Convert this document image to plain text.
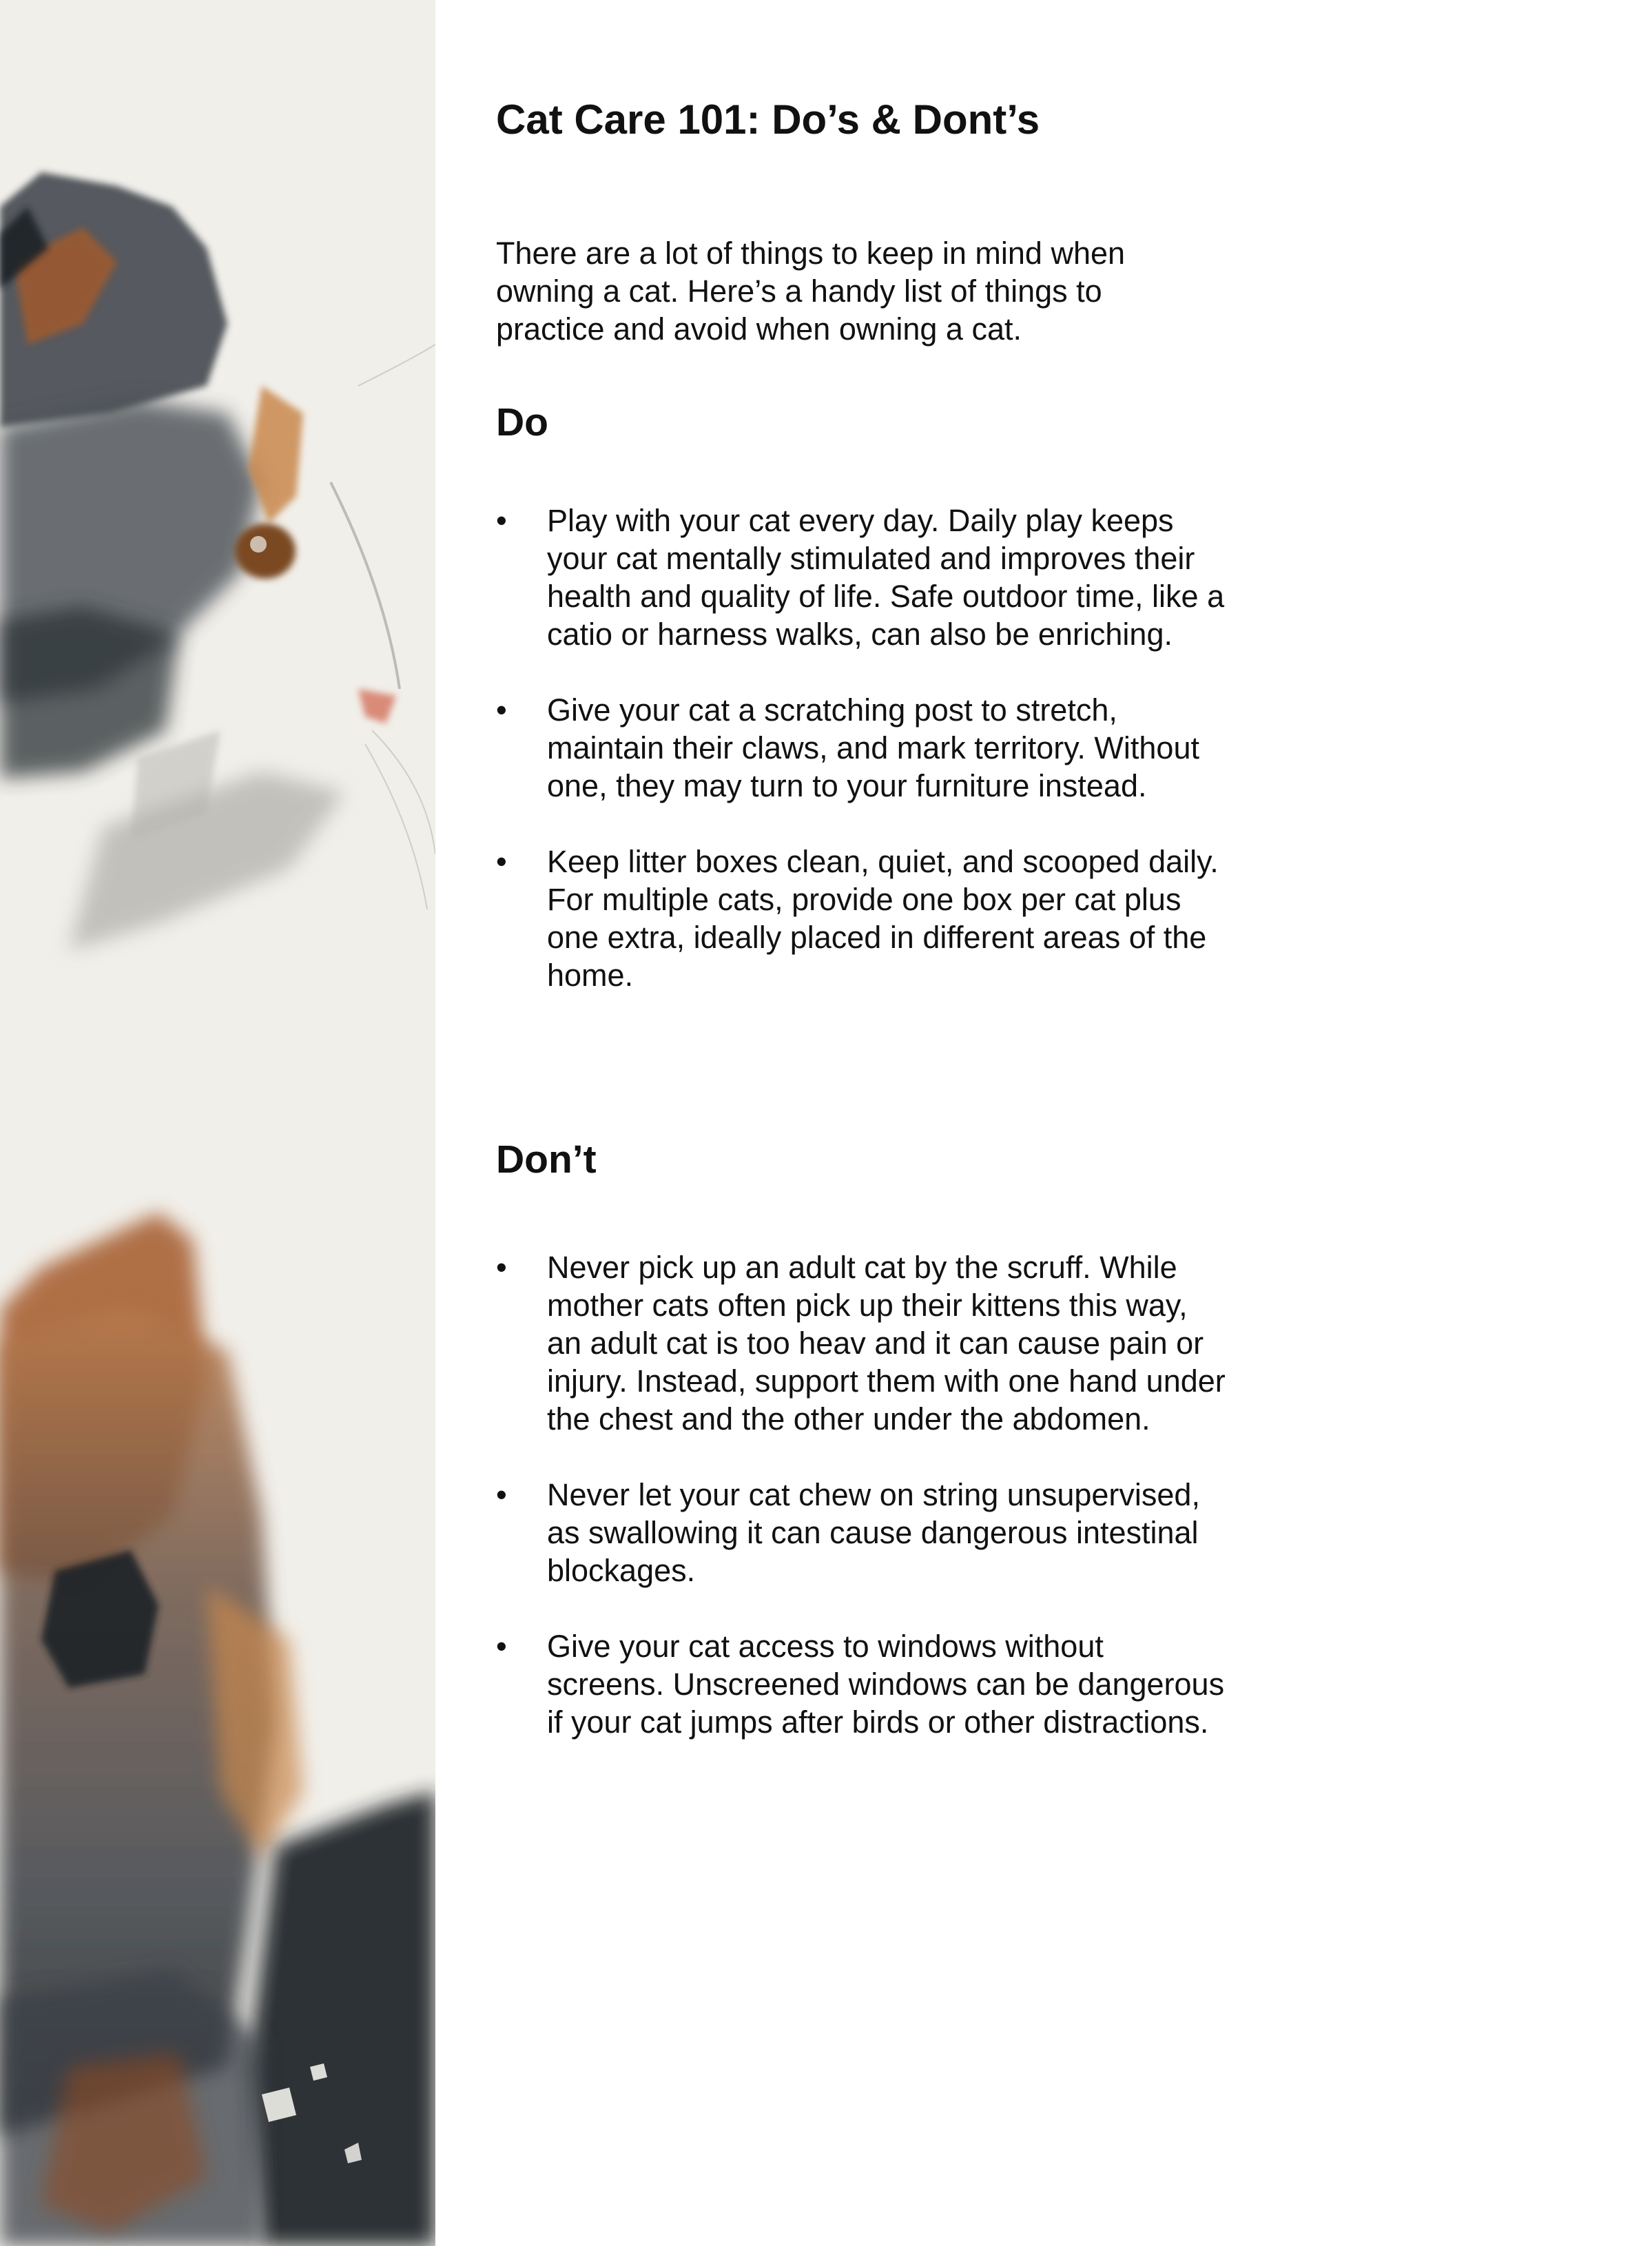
Cat Care 101: Do’s & Dont’s

There are a lot of things to keep in mind when owning a cat. Here’s a handy list of things to practice and avoid when owning a cat.

Do
•	Play with your cat every day. Daily play keeps your cat mentally stimulated and improves their health and quality of life. Safe outdoor time, like a catio or harness walks, can also be enriching.
•	Give your cat a scratching post to stretch, maintain their claws, and mark territory. Without one, they may turn to your furniture instead.
•	Keep litter boxes clean, quiet, and scooped daily. For multiple cats, provide one box per cat plus one extra, ideally placed in different areas of the home.
Don’t
•	Never pick up an adult cat by the scruff. While mother cats often pick up their kittens this way, an adult cat is too heav and it can cause pain or injury. Instead, support them with one hand under the chest and the other under the abdomen.
•	Never let your cat chew on string unsupervised, as swallowing it can cause dangerous intestinal blockages.
•	Give your cat access to windows without screens. Unscreened windows can be dangerous if your cat jumps after birds or other distractions.
